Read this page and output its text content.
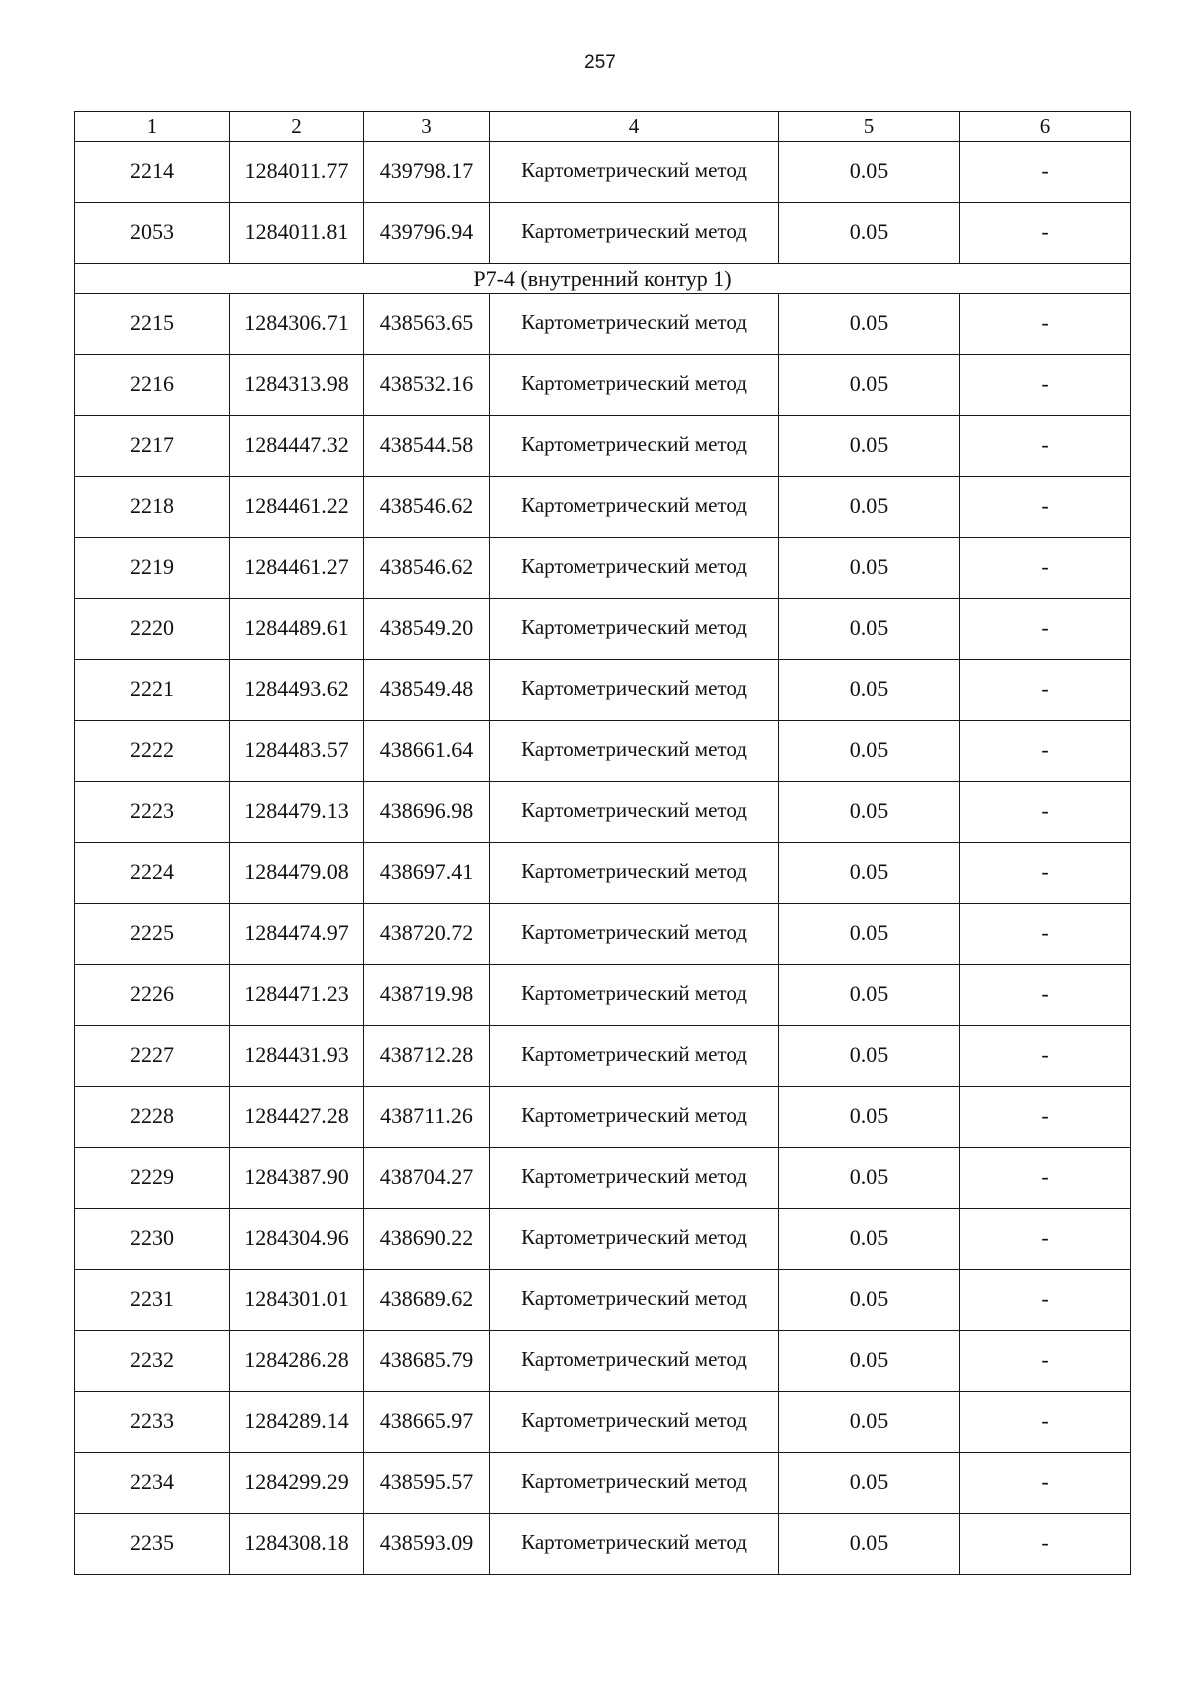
257
1	2	3	4	5	6
2214	1284011.77	439798.17	Картометрический метод	0.05	-
2053	1284011.81	439796.94	Картометрический метод	0.05	-
Р7-4 (внутренний контур 1)					
2215	1284306.71	438563.65	Картометрический метод	0.05	-
2216	1284313.98	438532.16	Картометрический метод	0.05	-
2217	1284447.32	438544.58	Картометрический метод	0.05	-
2218	1284461.22	438546.62	Картометрический метод	0.05	-
2219	1284461.27	438546.62	Картометрический метод	0.05	-
2220	1284489.61	438549.20	Картометрический метод	0.05	-
2221	1284493.62	438549.48	Картометрический метод	0.05	-
2222	1284483.57	438661.64	Картометрический метод	0.05	-
2223	1284479.13	438696.98	Картометрический метод	0.05	-
2224	1284479.08	438697.41	Картометрический метод	0.05	-
2225	1284474.97	438720.72	Картометрический метод	0.05	-
2226	1284471.23	438719.98	Картометрический метод	0.05	-
2227	1284431.93	438712.28	Картометрический метод	0.05	-
2228	1284427.28	438711.26	Картометрический метод	0.05	-
2229	1284387.90	438704.27	Картометрический метод	0.05	-
2230	1284304.96	438690.22	Картометрический метод	0.05	-
2231	1284301.01	438689.62	Картометрический метод	0.05	-
2232	1284286.28	438685.79	Картометрический метод	0.05	-
2233	1284289.14	438665.97	Картометрический метод	0.05	-
2234	1284299.29	438595.57	Картометрический метод	0.05	-
2235	1284308.18	438593.09	Картометрический метод	0.05	-
